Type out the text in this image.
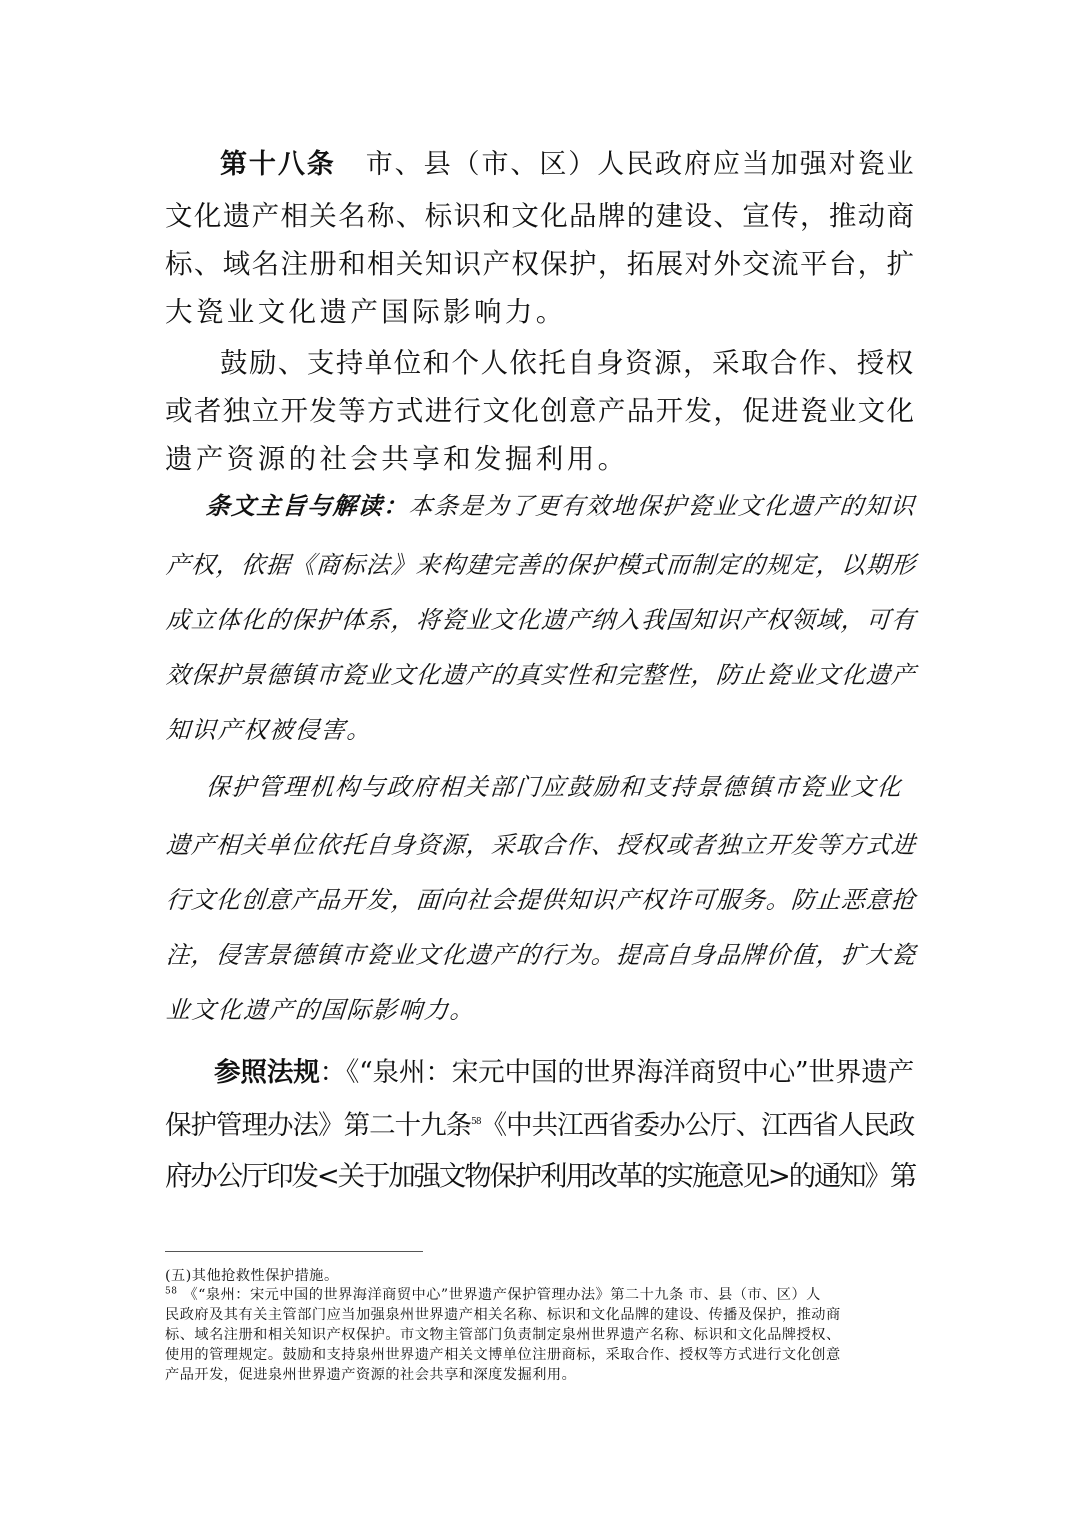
第十八条 市、县（市、区）人民政府应当加强对瓷业
文化遗产相关名称、标识和文化品牌的建设、宣传，推动商
标、域名注册和相关知识产权保护，拓展对外交流平台，扩
大瓷业文化遗产国际影响力。
鼓励、支持单位和个人依托自身资源，采取合作、授权
或者独立开发等方式进行文化创意产品开发，促进瓷业文化
遗产资源的社会共享和发掘利用。
条文主旨与解读：本条是为了更有效地保护瓷业文化遗产的知识
产权，依据《商标法》来构建完善的保护模式而制定的规定，以期形
成立体化的保护体系，将瓷业文化遗产纳入我国知识产权领域，可有
效保护景德镇市瓷业文化遗产的真实性和完整性，防止瓷业文化遗产
知识产权被侵害。
保护管理机构与政府相关部门应鼓励和支持景德镇市瓷业文化
遗产相关单位依托自身资源，采取合作、授权或者独立开发等方式进
行文化创意产品开发，面向社会提供知识产权许可服务。防止恶意抢
注，侵害景德镇市瓷业文化遗产的行为。提高自身品牌价值，扩大瓷
业文化遗产的国际影响力。
参照法规：《“泉州：宋元中国的世界海洋商贸中心”世界遗产
保护管理办法》第二十九条$^{58}$《中共江西省委办公厅、江西省人民政
府办公厅印发<关于加强文物保护利用改革的实施意见>的通知》第
(五)其他抢救性保护措施。
$^{58}$ 《“泉州：宋元中国的世界海洋商贸中心”世界遗产保护管理办法》第二十九条 市、县（市、区）人
民政府及其有关主管部门应当加强泉州世界遗产相关名称、标识和文化品牌的建设、传播及保护，推动商
标、域名注册和相关知识产权保护。市文物主管部门负责制定泉州世界遗产名称、标识和文化品牌授权、
使用的管理规定。鼓励和支持泉州世界遗产相关文博单位注册商标，采取合作、授权等方式进行文化创意
产品开发，促进泉州世界遗产资源的社会共享和深度发掘利用。
